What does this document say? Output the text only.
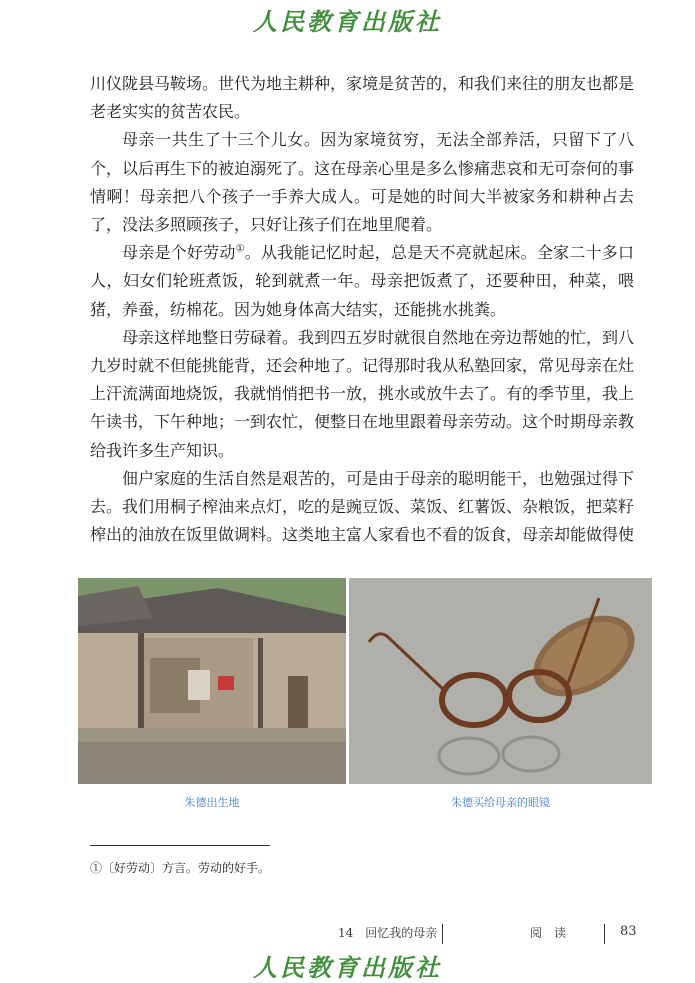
人民教育出版社

川仪陇县马鞍场。世代为地主耕种，家境是贫苦的，和我们来往的朋友也都是老老实实的贫苦农民。

母亲一共生了十三个儿女。因为家境贫穷，无法全部养活，只留下了八个，以后再生下的被迫溺死了。这在母亲心里是多么惨痛悲哀和无可奈何的事情啊！母亲把八个孩子一手养大成人。可是她的时间大半被家务和耕种占去了，没法多照顾孩子，只好让孩子们在地里爬着。

母亲是个好劳动①。从我能记忆时起，总是天不亮就起床。全家二十多口人，妇女们轮班煮饭，轮到就煮一年。母亲把饭煮了，还要种田，种菜，喂猪，养蚕，纺棉花。因为她身体高大结实，还能挑水挑粪。

母亲这样地整日劳碌着。我到四五岁时就很自然地在旁边帮她的忙，到八九岁时就不但能挑能背，还会种地了。记得那时我从私塾回家，常见母亲在灶上汗流满面地烧饭，我就悄悄把书一放，挑水或放牛去了。有的季节里，我上午读书，下午种地；一到农忙，便整日在地里跟着母亲劳动。这个时期母亲教给我许多生产知识。

佃户家庭的生活自然是艰苦的，可是由于母亲的聪明能干，也勉强过得下去。我们用桐子榨油来点灯，吃的是豌豆饭、菜饭、红薯饭、杂粮饭，把菜籽榨出的油放在饭里做调料。这类地主富人家看也不看的饭食，母亲却能做得使

朱德出生地	朱德买给母亲的眼镜
①〔好劳动〕方言。劳动的好手。
14　回忆我的母亲	阅　读	83
人民教育出版社
